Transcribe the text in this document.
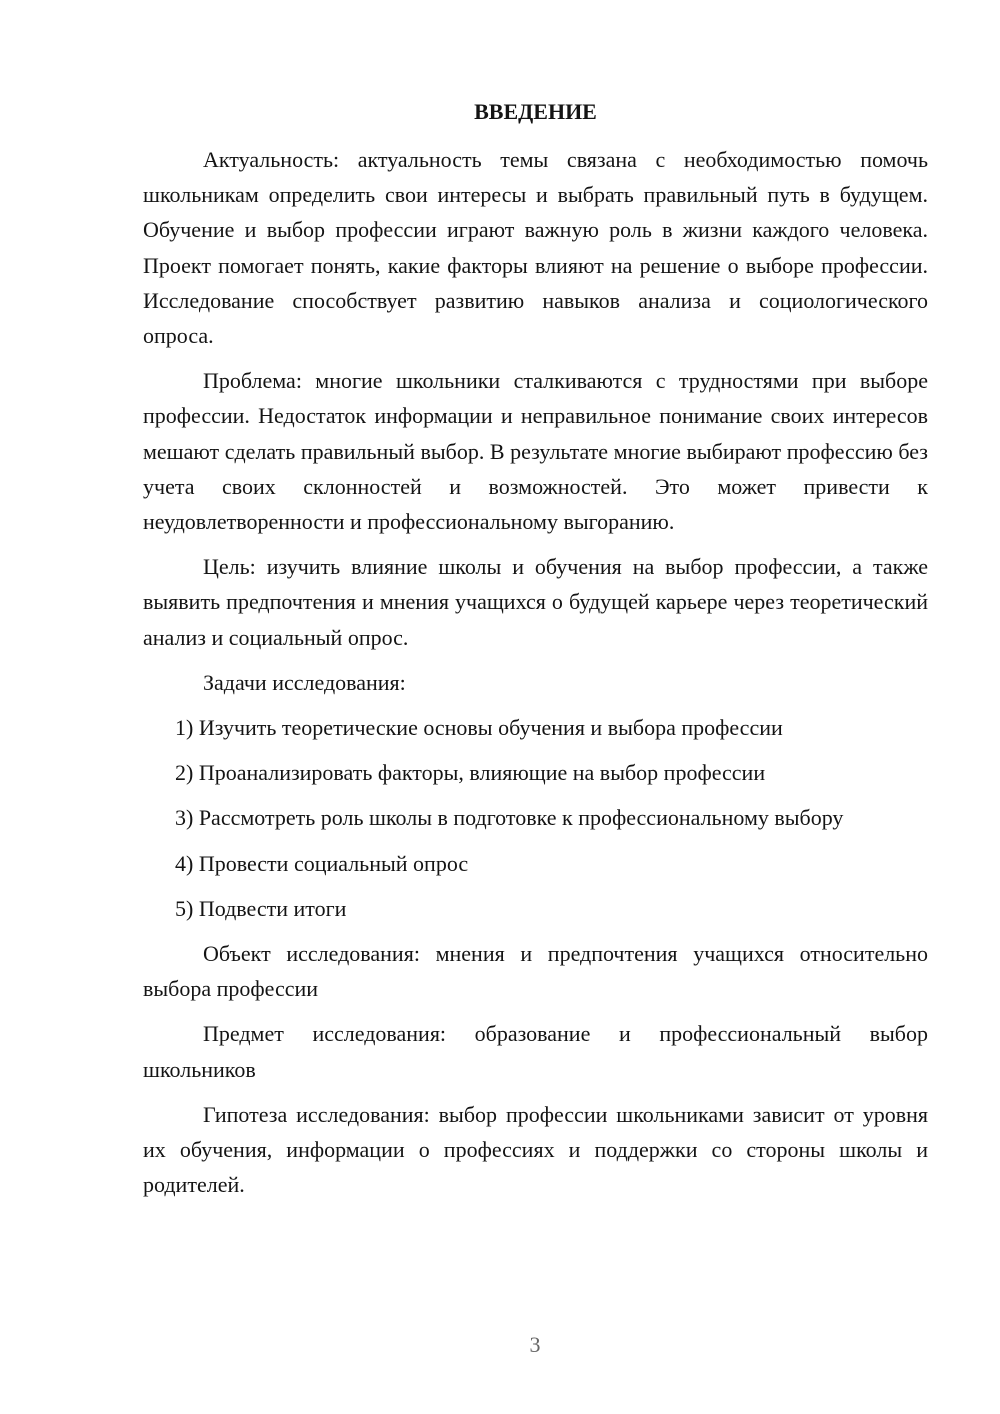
ВВЕДЕНИЕ

Актуальность: актуальность темы связана с необходимостью помочь школьникам определить свои интересы и выбрать правильный путь в будущем. Обучение и выбор профессии играют важную роль в жизни каждого человека. Проект помогает понять, какие факторы влияют на решение о выборе профессии. Исследование способствует развитию навыков анализа и социологического опроса.

Проблема: многие школьники сталкиваются с трудностями при выборе профессии. Недостаток информации и неправильное понимание своих интересов мешают сделать правильный выбор. В результате многие выбирают профессию без учета своих склонностей и возможностей. Это может привести к неудовлетворенности и профессиональному выгоранию.

Цель: изучить влияние школы и обучения на выбор профессии, а также выявить предпочтения и мнения учащихся о будущей карьере через теоретический анализ и социальный опрос.

Задачи исследования:

1) Изучить теоретические основы обучения и выбора профессии

2) Проанализировать факторы, влияющие на выбор профессии

3) Рассмотреть роль школы в подготовке к профессиональному выбору

4) Провести социальный опрос

5) Подвести итоги

Объект исследования: мнения и предпочтения учащихся относительно выбора профессии

Предмет исследования: образование и профессиональный выбор школьников

Гипотеза исследования: выбор профессии школьниками зависит от уровня их обучения, информации о профессиях и поддержки со стороны школы и родителей.

3
